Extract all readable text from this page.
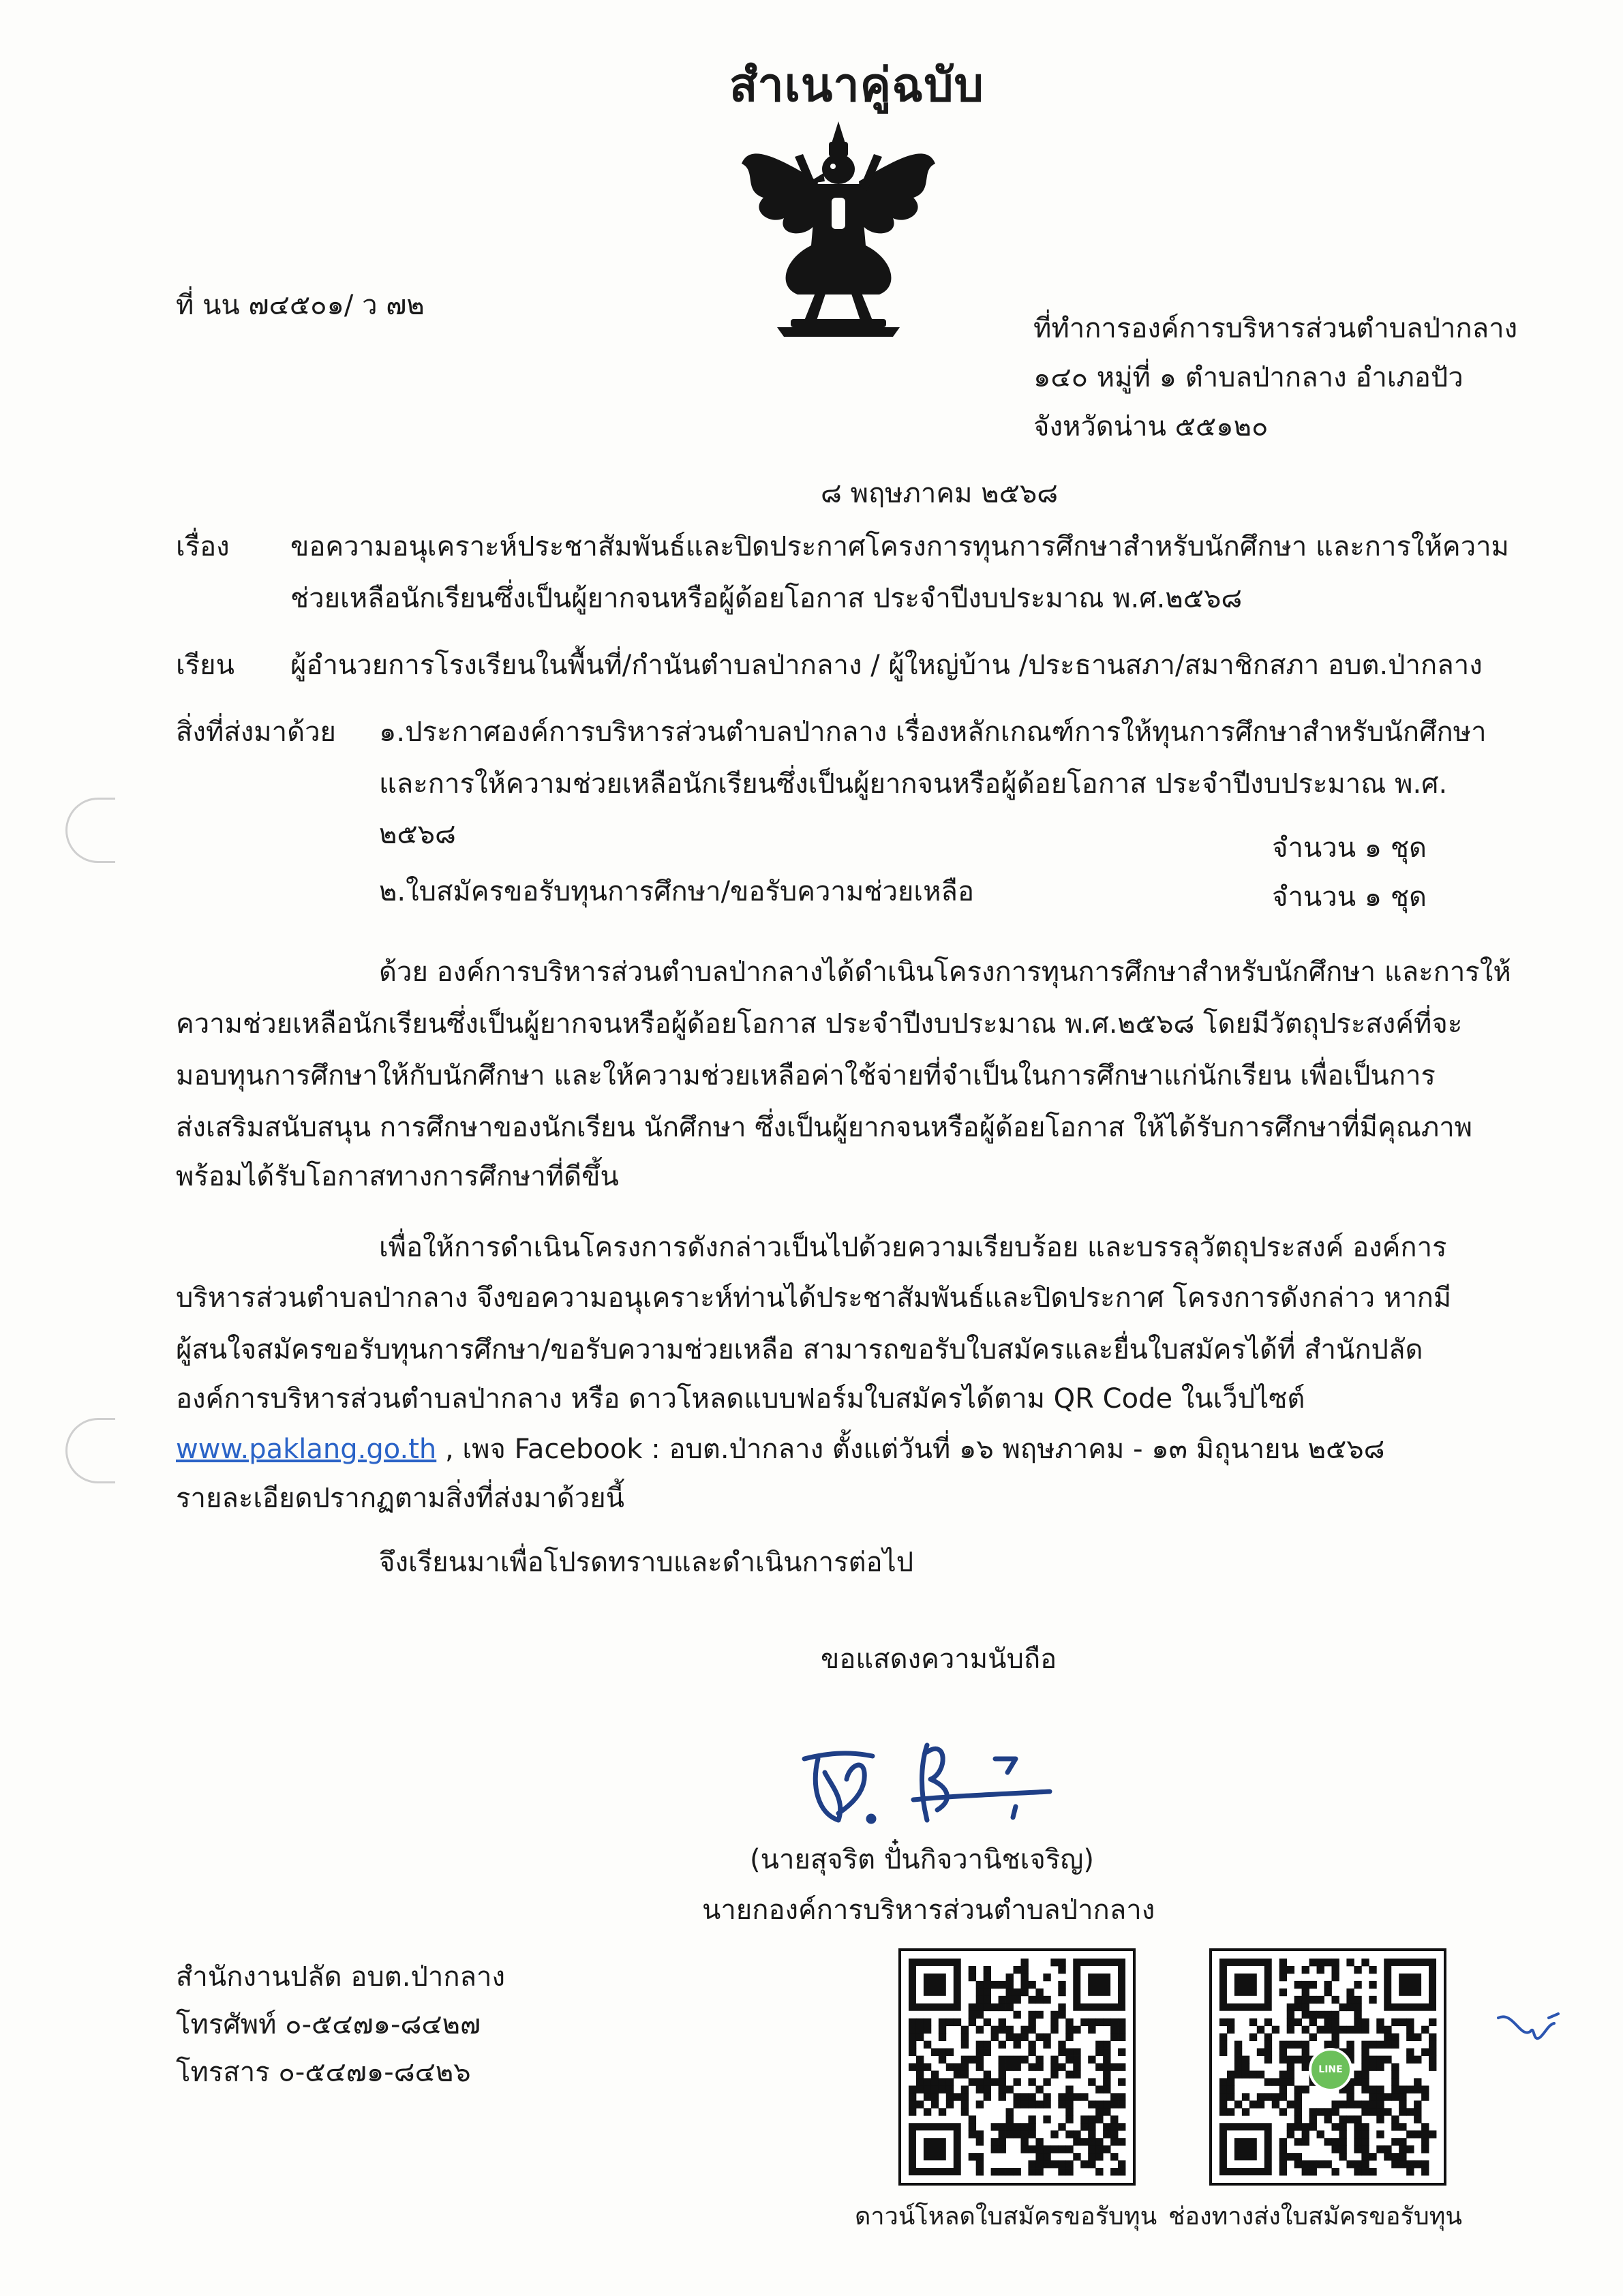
สำเนาคู่ฉบับ
ที่ นน ๗๔๕๐๑/ ว ๗๒
ที่ทำการองค์การบริหารส่วนตำบลป่ากลาง
๑๔๐ หมู่ที่ ๑ ตำบลป่ากลาง อำเภอปัว
จังหวัดน่าน ๕๕๑๒๐
๘ พฤษภาคม ๒๕๖๘
เรื่อง ขอความอนุเคราะห์ประชาสัมพันธ์และปิดประกาศโครงการทุนการศึกษาสำหรับนักศึกษา และการให้ความ
ช่วยเหลือนักเรียนซึ่งเป็นผู้ยากจนหรือผู้ด้อยโอกาส ประจำปีงบประมาณ พ.ศ.๒๕๖๘
เรียน ผู้อำนวยการโรงเรียนในพื้นที่/กำนันตำบลป่ากลาง / ผู้ใหญ่บ้าน /ประธานสภา/สมาชิกสภา อบต.ป่ากลาง
สิ่งที่ส่งมาด้วย ๑.ประกาศองค์การบริหารส่วนตำบลป่ากลาง เรื่องหลักเกณฑ์การให้ทุนการศึกษาสำหรับนักศึกษา
และการให้ความช่วยเหลือนักเรียนซึ่งเป็นผู้ยากจนหรือผู้ด้อยโอกาส ประจำปีงบประมาณ พ.ศ.
๒๕๖๘	จำนวน ๑ ชุด
๒.ใบสมัครขอรับทุนการศึกษา/ขอรับความช่วยเหลือ	จำนวน ๑ ชุด
ด้วย องค์การบริหารส่วนตำบลป่ากลางได้ดำเนินโครงการทุนการศึกษาสำหรับนักศึกษา และการให้
ความช่วยเหลือนักเรียนซึ่งเป็นผู้ยากจนหรือผู้ด้อยโอกาส ประจำปีงบประมาณ พ.ศ.๒๕๖๘ โดยมีวัตถุประสงค์ที่จะ
มอบทุนการศึกษาให้กับนักศึกษา และให้ความช่วยเหลือค่าใช้จ่ายที่จำเป็นในการศึกษาแก่นักเรียน เพื่อเป็นการ
ส่งเสริมสนับสนุน การศึกษาของนักเรียน นักศึกษา ซึ่งเป็นผู้ยากจนหรือผู้ด้อยโอกาส ให้ได้รับการศึกษาที่มีคุณภาพ
พร้อมได้รับโอกาสทางการศึกษาที่ดีขึ้น
เพื่อให้การดำเนินโครงการดังกล่าวเป็นไปด้วยความเรียบร้อย และบรรลุวัตถุประสงค์ องค์การ
บริหารส่วนตำบลป่ากลาง จึงขอความอนุเคราะห์ท่านได้ประชาสัมพันธ์และปิดประกาศ โครงการดังกล่าว หากมี
ผู้สนใจสมัครขอรับทุนการศึกษา/ขอรับความช่วยเหลือ สามารถขอรับใบสมัครและยื่นใบสมัครได้ที่ สำนักปลัด
องค์การบริหารส่วนตำบลป่ากลาง หรือ ดาวโหลดแบบฟอร์มใบสมัครได้ตาม QR Code ในเว็ปไซต์
www.paklang.go.th , เพจ Facebook : อบต.ป่ากลาง ตั้งแต่วันที่ ๑๖ พฤษภาคม - ๑๓ มิถุนายน ๒๕๖๘
รายละเอียดปรากฏตามสิ่งที่ส่งมาด้วยนี้
จึงเรียนมาเพื่อโปรดทราบและดำเนินการต่อไป
ขอแสดงความนับถือ
(นายสุจริต ปั๋นกิจวานิชเจริญ)
นายกองค์การบริหารส่วนตำบลป่ากลาง
สำนักงานปลัด อบต.ป่ากลาง
โทรศัพท์ ๐-๕๔๗๑-๘๔๒๗
โทรสาร ๐-๕๔๗๑-๘๔๒๖
ดาวน์โหลดใบสมัครขอรับทุน
LINE
ช่องทางส่งใบสมัครขอรับทุน
